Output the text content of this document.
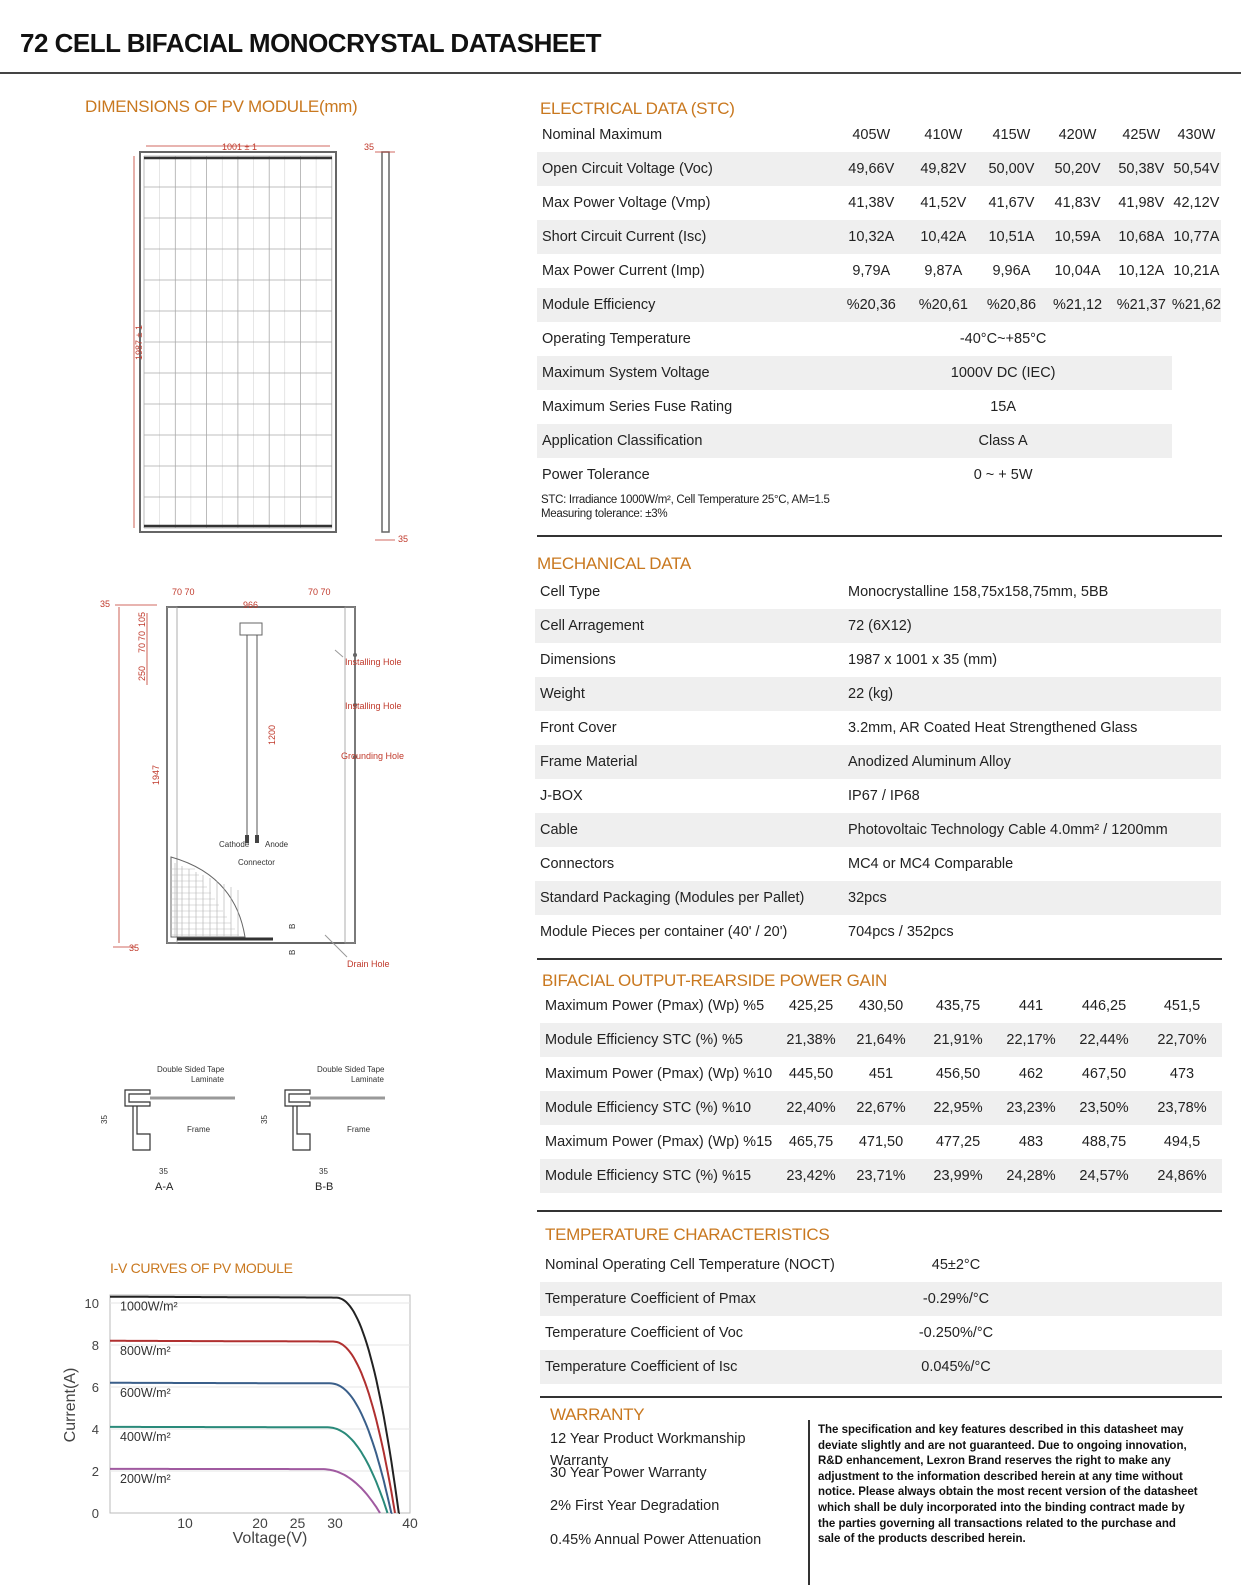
72 CELL BIFACIAL MONOCRYSTAL DATASHEET
DIMENSIONS OF PV MODULE(mm)
1001 ± 1
1987 ± 1
35
35
70 70	70 70
966
35
105
70
70
250
1947
1200
Cathode Anode
Connector
Installing Hole
Installing Hole
Grounding Hole
Drain Hole
B
B
35
Double Sided Tape
Laminate
Frame
35
35
A-A
Double Sided Tape
Laminate
Frame
35
35
B-B
I-V CURVES OF PV MODULE
10
8
6
4
2
0
10	20 25 30	40
1000W/m²
800W/m²
600W/m²
400W/m²
200W/m²
Voltage(V)
Current(A)
ELECTRICAL DATA (STC)
Nominal Maximum			405W	410W	415W	420W	425W	430W
Open Circuit Voltage (Voc)			49,66V	49,82V	50,00V	50,20V	50,38V	50,54V
Max Power Voltage (Vmp)			41,38V	41,52V	41,67V	41,83V	41,98V	42,12V
Short Circuit Current (Isc)			10,32A	10,42A	10,51A	10,59A	10,68A	10,77A
Max Power Current (Imp)			9,79A	9,87A	9,96A	10,04A	10,12A	10,21A
Module Efficiency			%20,36	%20,61	%20,86	%21,12	%21,37	%21,62
Operating Temperature			-40°C~+85°C					
Maximum System Voltage			1000V DC (IEC)					
Maximum Series Fuse Rating			15A					
Application Classification			Class A					
Power Tolerance			0 ~ + 5W					
STC: Irradiance 1000W/m², Cell Temperature 25°C, AM=1.5
Measuring tolerance: ±3%
MECHANICAL DATA
Cell Type	Monocrystalline 158,75x158,75mm, 5BB
Cell Arragement	72 (6X12)
Dimensions	1987 x 1001 x 35 (mm)
Weight	22 (kg)
Front Cover	3.2mm, AR Coated Heat Strengthened Glass
Frame Material	Anodized Aluminum Alloy
J-BOX	IP67 / IP68
Cable	Photovoltaic Technology Cable 4.0mm² / 1200mm
Connectors	MC4 or MC4 Comparable
Standard Packaging (Modules per Pallet)	32pcs
Module Pieces per container (40' / 20')	704pcs / 352pcs
BIFACIAL OUTPUT-REARSIDE POWER GAIN
Maximum Power (Pmax) (Wp) %5	425,25	430,50	435,75	441	446,25	451,5
Module Efficiency STC (%) %5	21,38%	21,64%	21,91%	22,17%	22,44%	22,70%
Maximum Power (Pmax) (Wp) %10	445,50	451	456,50	462	467,50	473
Module Efficiency STC (%) %10	22,40%	22,67%	22,95%	23,23%	23,50%	23,78%
Maximum Power (Pmax) (Wp) %15	465,75	471,50	477,25	483	488,75	494,5
Module Efficiency STC (%) %15	23,42%	23,71%	23,99%	24,28%	24,57%	24,86%
TEMPERATURE CHARACTERISTICS
Nominal Operating Cell Temperature (NOCT)	45±2°C	
Temperature Coefficient of Pmax	-0.29%/°C	
Temperature Coefficient of Voc	-0.250%/°C	
Temperature Coefficient of Isc	0.045%/°C	
WARRANTY
12 Year Product Workmanship Warranty
30 Year Power Warranty
2% First Year Degradation
0.45% Annual Power Attenuation
The specification and key features described in this datasheet may deviate slightly and are not guaranteed. Due to ongoing innovation, R&D enhancement, Lexron Brand reserves the right to make any adjustment to the information described herein at any time without notice. Please always obtain the most recent version of the datasheet which shall be duly incorporated into the binding contract made by the parties governing all transactions related to the purchase and sale of the products described herein.
